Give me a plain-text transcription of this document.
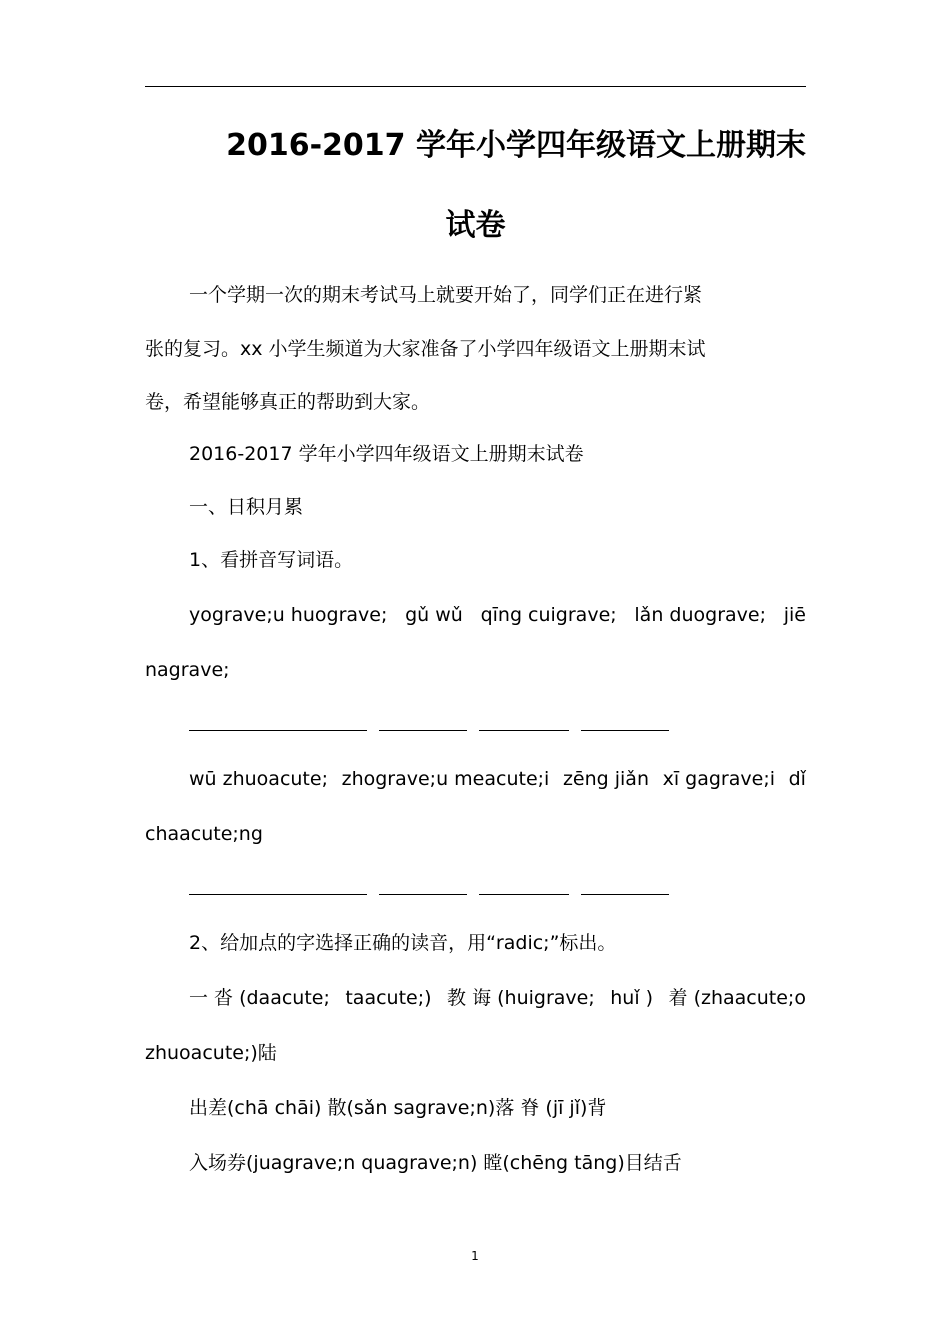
2016-2017 学年小学四年级语文上册期末
试卷
一个学期一次的期末考试马上就要开始了，同学们正在进行紧
张的复习。xx 小学生频道为大家准备了小学四年级语文上册期末试
卷，希望能够真正的帮助到大家。
2016-2017 学年小学四年级语文上册期末试卷
一、日积月累
1、看拼音写词语。
yograve;u huograve; gǔ wǔ qīng cuigrave; lǎn duograve; jiē
nagrave;
wū zhuoacute; zhograve;u meacute;i zēng jiǎn xī gagrave;i dǐ
chaacute;ng
2、给加点的字选择正确的读音，用“radic;”标出。
一 沓 (daacute; taacute;) 教 诲 (huigrave; huǐ ) 着 (zhaacute;o
zhuoacute;)陆
出差(chā chāi) 散(sǎn sagrave;n)落 脊 (jī jǐ)背
入场券(juagrave;n quagrave;n) 瞠(chēng tāng)目结舌
1
